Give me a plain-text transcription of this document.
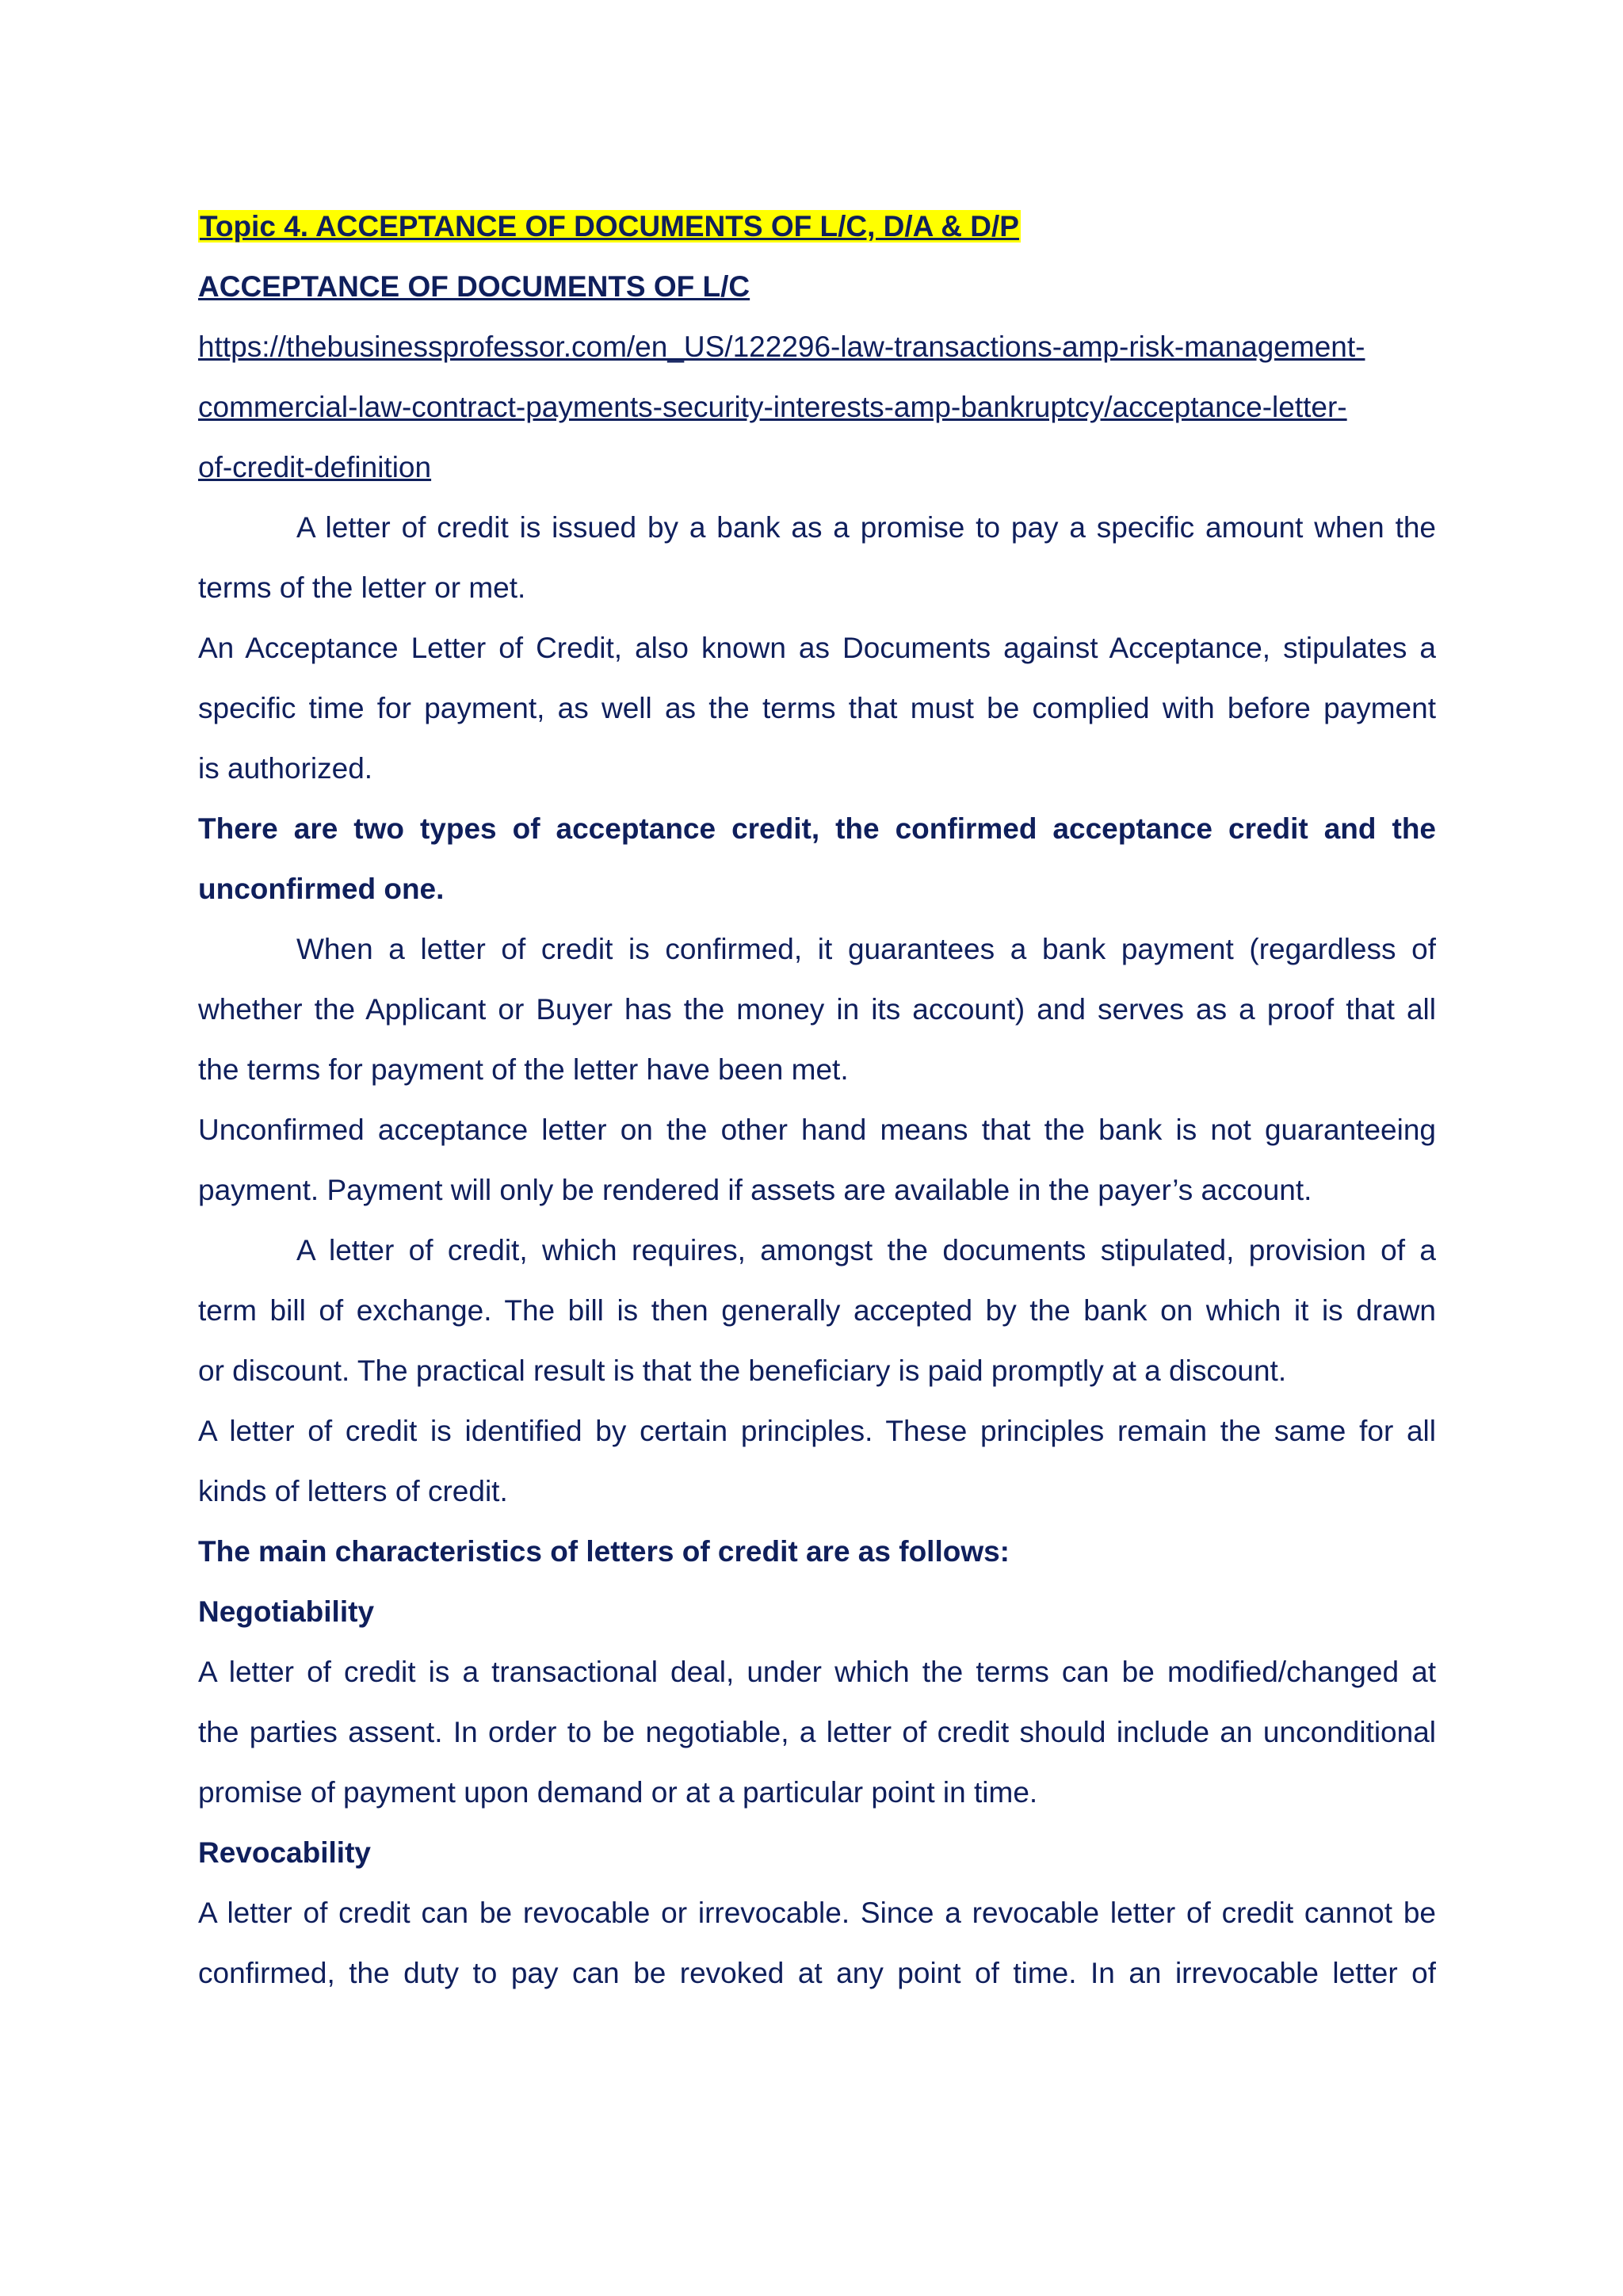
Topic 4. ACCEPTANCE OF DOCUMENTS OF L/C, D/A & D/P

ACCEPTANCE OF DOCUMENTS OF L/C

https://thebusinessprofessor.com/en_US/122296-law-transactions-amp-risk-management-

commercial-law-contract-payments-security-interests-amp-bankruptcy/acceptance-letter-

of-credit-definition

A letter of credit is issued by a bank as a promise to pay a specific amount when the

terms of the letter or met.

An Acceptance Letter of Credit, also known as Documents against Acceptance, stipulates a

specific time for payment, as well as the terms that must be complied with before payment

is authorized.

There are two types of acceptance credit, the confirmed acceptance credit and the

unconfirmed one.

When a letter of credit is confirmed, it guarantees a bank payment (regardless of

whether the Applicant or Buyer has the money in its account) and serves as a proof that all

the terms for payment of the letter have been met.

Unconfirmed acceptance letter on the other hand means that the bank is not guaranteeing

payment. Payment will only be rendered if assets are available in the payer’s account.

A letter of credit, which requires, amongst the documents stipulated, provision of a

term bill of exchange. The bill is then generally accepted by the bank on which it is drawn

or discount. The practical result is that the beneficiary is paid promptly at a discount.

A letter of credit is identified by certain principles. These principles remain the same for all

kinds of letters of credit.

The main characteristics of letters of credit are as follows:

Negotiability

A letter of credit is a transactional deal, under which the terms can be modified/changed at

the parties assent. In order to be negotiable, a letter of credit should include an unconditional

promise of payment upon demand or at a particular point in time.

Revocability

A letter of credit can be revocable or irrevocable. Since a revocable letter of credit cannot be

confirmed, the duty to pay can be revoked at any point of time. In an irrevocable letter of
